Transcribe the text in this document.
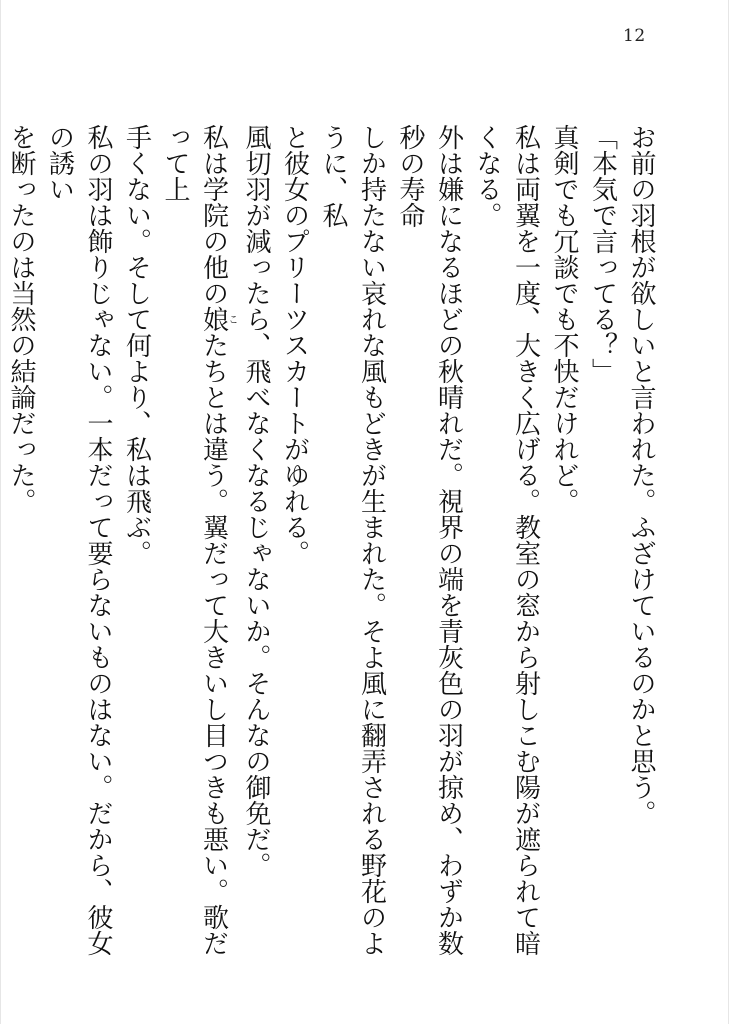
12

お前の羽根が欲しいと言われた。ふざけているのかと思う。

「本気で言ってる？」

真剣でも冗談でも不快だけれど。

私は両翼を一度、大きく広げる。教室の窓から射しこむ陽が遮られて暗くなる。

外は嫌になるほどの秋晴れだ。視界の端を青灰色の羽が掠め、わずか数秒の寿命

しか持たない哀れな風もどきが生まれた。そよ風に翻弄される野花のように、私

と彼女のプリーツスカートがゆれる。

風切羽が減ったら、飛べなくなるじゃないか。そんなの御免だ。

私は学院の他の娘こたちとは違う。翼だって大きいし目つきも悪い。歌だって上

手くない。そして何より、私は飛ぶ。

私の羽は飾りじゃない。一本だって要らないものはない。だから、彼女の誘い

を断ったのは当然の結論だった。
